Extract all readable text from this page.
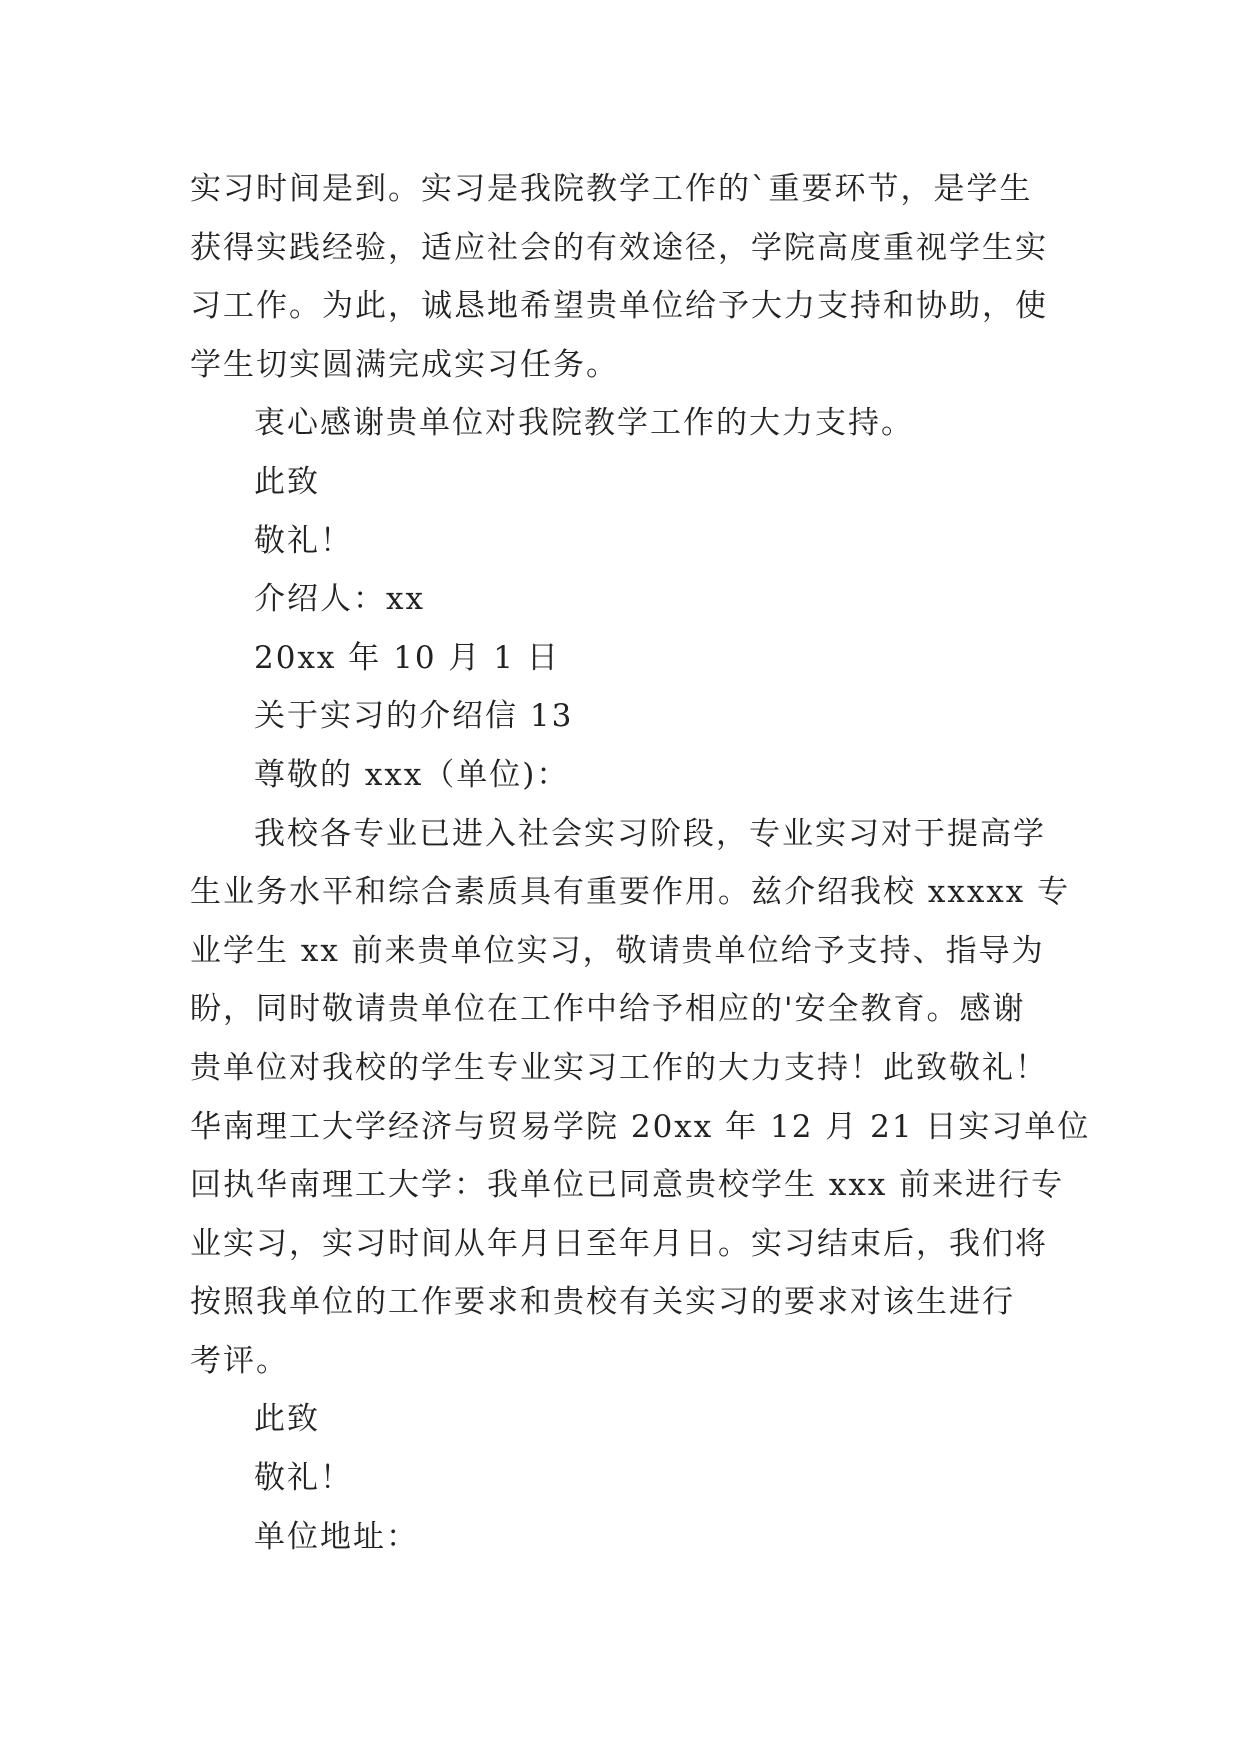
实习时间是到。实习是我院教学工作的`重要环节，是学生

获得实践经验，适应社会的有效途径，学院高度重视学生实

习工作。为此，诚恳地希望贵单位给予大力支持和协助，使

学生切实圆满完成实习任务。

衷心感谢贵单位对我院教学工作的大力支持。

此致

敬礼！

介绍人：xx

20xx 年 10 月 1 日

关于实习的介绍信 13

尊敬的 xxx（单位)：

我校各专业已进入社会实习阶段，专业实习对于提高学

生业务水平和综合素质具有重要作用。兹介绍我校 xxxxx 专

业学生 xx 前来贵单位实习，敬请贵单位给予支持、指导为

盼，同时敬请贵单位在工作中给予相应的'安全教育。感谢

贵单位对我校的学生专业实习工作的大力支持！此致敬礼！

华南理工大学经济与贸易学院 20xx 年 12 月 21 日实习单位

回执华南理工大学：我单位已同意贵校学生 xxx 前来进行专

业实习，实习时间从年月日至年月日。实习结束后，我们将

按照我单位的工作要求和贵校有关实习的要求对该生进行

考评。

此致

敬礼！

单位地址：
